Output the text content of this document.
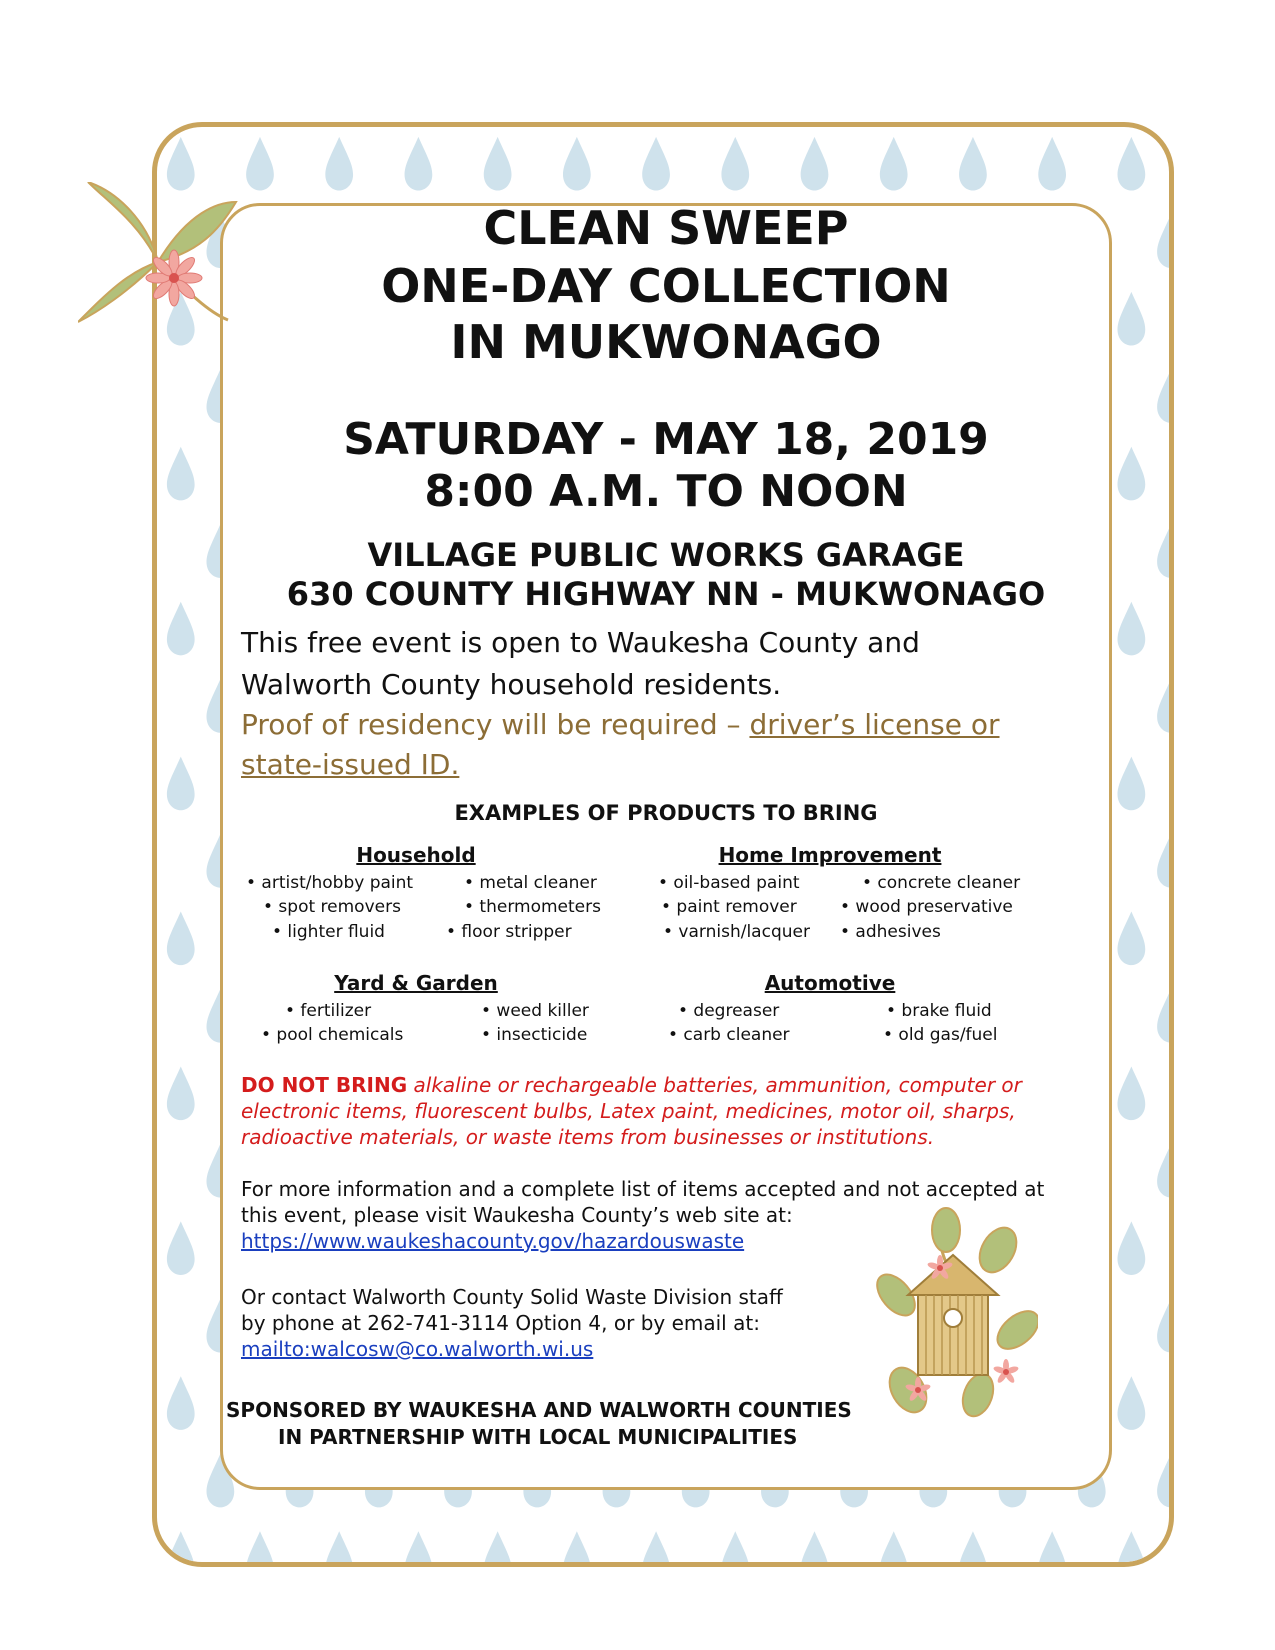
CLEAN SWEEP
ONE-DAY COLLECTION
IN MUKWONAGO
SATURDAY - MAY 18, 2019
8:00 A.M. TO NOON
VILLAGE PUBLIC WORKS GARAGE
630 COUNTY HIGHWAY NN - MUKWONAGO
This free event is open to Waukesha County and
Walworth County household residents.
Proof of residency will be required – driver’s license or
state-issued ID.
EXAMPLES OF PRODUCTS TO BRING
Household
• artist/hobby paint	• metal cleaner
• spot removers	• thermometers
• lighter fluid	• floor stripper
Home Improvement
• oil-based paint	• concrete cleaner
• paint remover	• wood preservative
• varnish/lacquer • adhesives
Yard & Garden
• fertilizer	• weed killer
• pool chemicals	• insecticide
Automotive
• degreaser	• brake fluid
• carb cleaner	• old gas/fuel
DO NOT BRING alkaline or rechargeable batteries, ammunition, computer or
electronic items, fluorescent bulbs, Latex paint, medicines, motor oil, sharps,
radioactive materials, or waste items from businesses or institutions.
For more information and a complete list of items accepted and not accepted at
this event, please visit Waukesha County’s web site at:
https://www.waukeshacounty.gov/hazardouswaste
Or contact Walworth County Solid Waste Division staff
by phone at 262-741-3114 Option 4, or by email at:
mailto:walcosw@co.walworth.wi.us
SPONSORED BY WAUKESHA AND WALWORTH COUNTIES
IN PARTNERSHIP WITH LOCAL MUNICIPALITIES
